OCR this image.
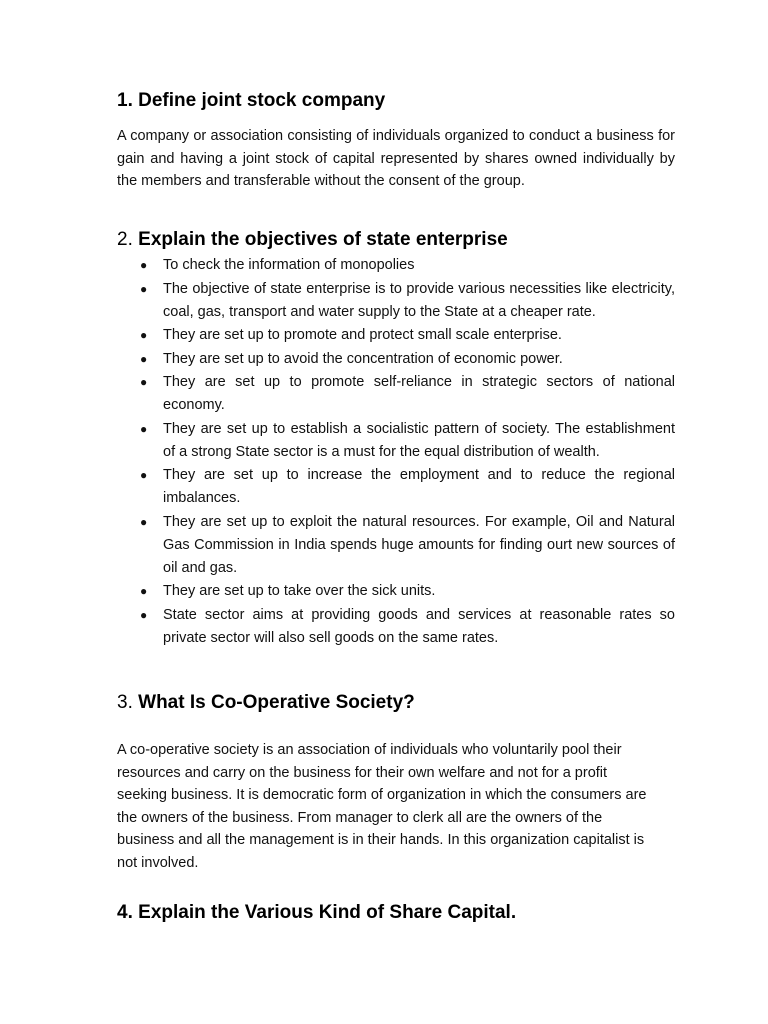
1. Define joint stock company

A company or association consisting of individuals organized to conduct a business for gain and having a joint stock of capital represented by shares owned individually by the members and transferable without the consent of the group.

2. Explain the objectives of state enterprise
● To check the information of monopolies
● The objective of state enterprise is to provide various necessities like electricity, coal, gas, transport and water supply to the State at a cheaper rate.
● They are set up to promote and protect small scale enterprise.
● They are set up to avoid the concentration of economic power.
● They are set up to promote self-reliance in strategic sectors of national economy.
● They are set up to establish a socialistic pattern of society. The establishment of a strong State sector is a must for the equal distribution of wealth.
● They are set up to increase the employment and to reduce the regional imbalances.
● They are set up to exploit the natural resources. For example, Oil and Natural Gas Commission in India spends huge amounts for finding ourt new sources of oil and gas.
● They are set up to take over the sick units.
● State sector aims at providing goods and services at reasonable rates so private sector will also sell goods on the same rates.
3. What Is Co-Operative Society?

A co-operative society is an association of individuals who voluntarily pool their resources and carry on the business for their own welfare and not for a profit seeking business. It is democratic form of organization in which the consumers are the owners of the business. From manager to clerk all are the owners of the business and all the management is in their hands. In this organization capitalist is not involved.

4. Explain the Various Kind of Share Capital.
